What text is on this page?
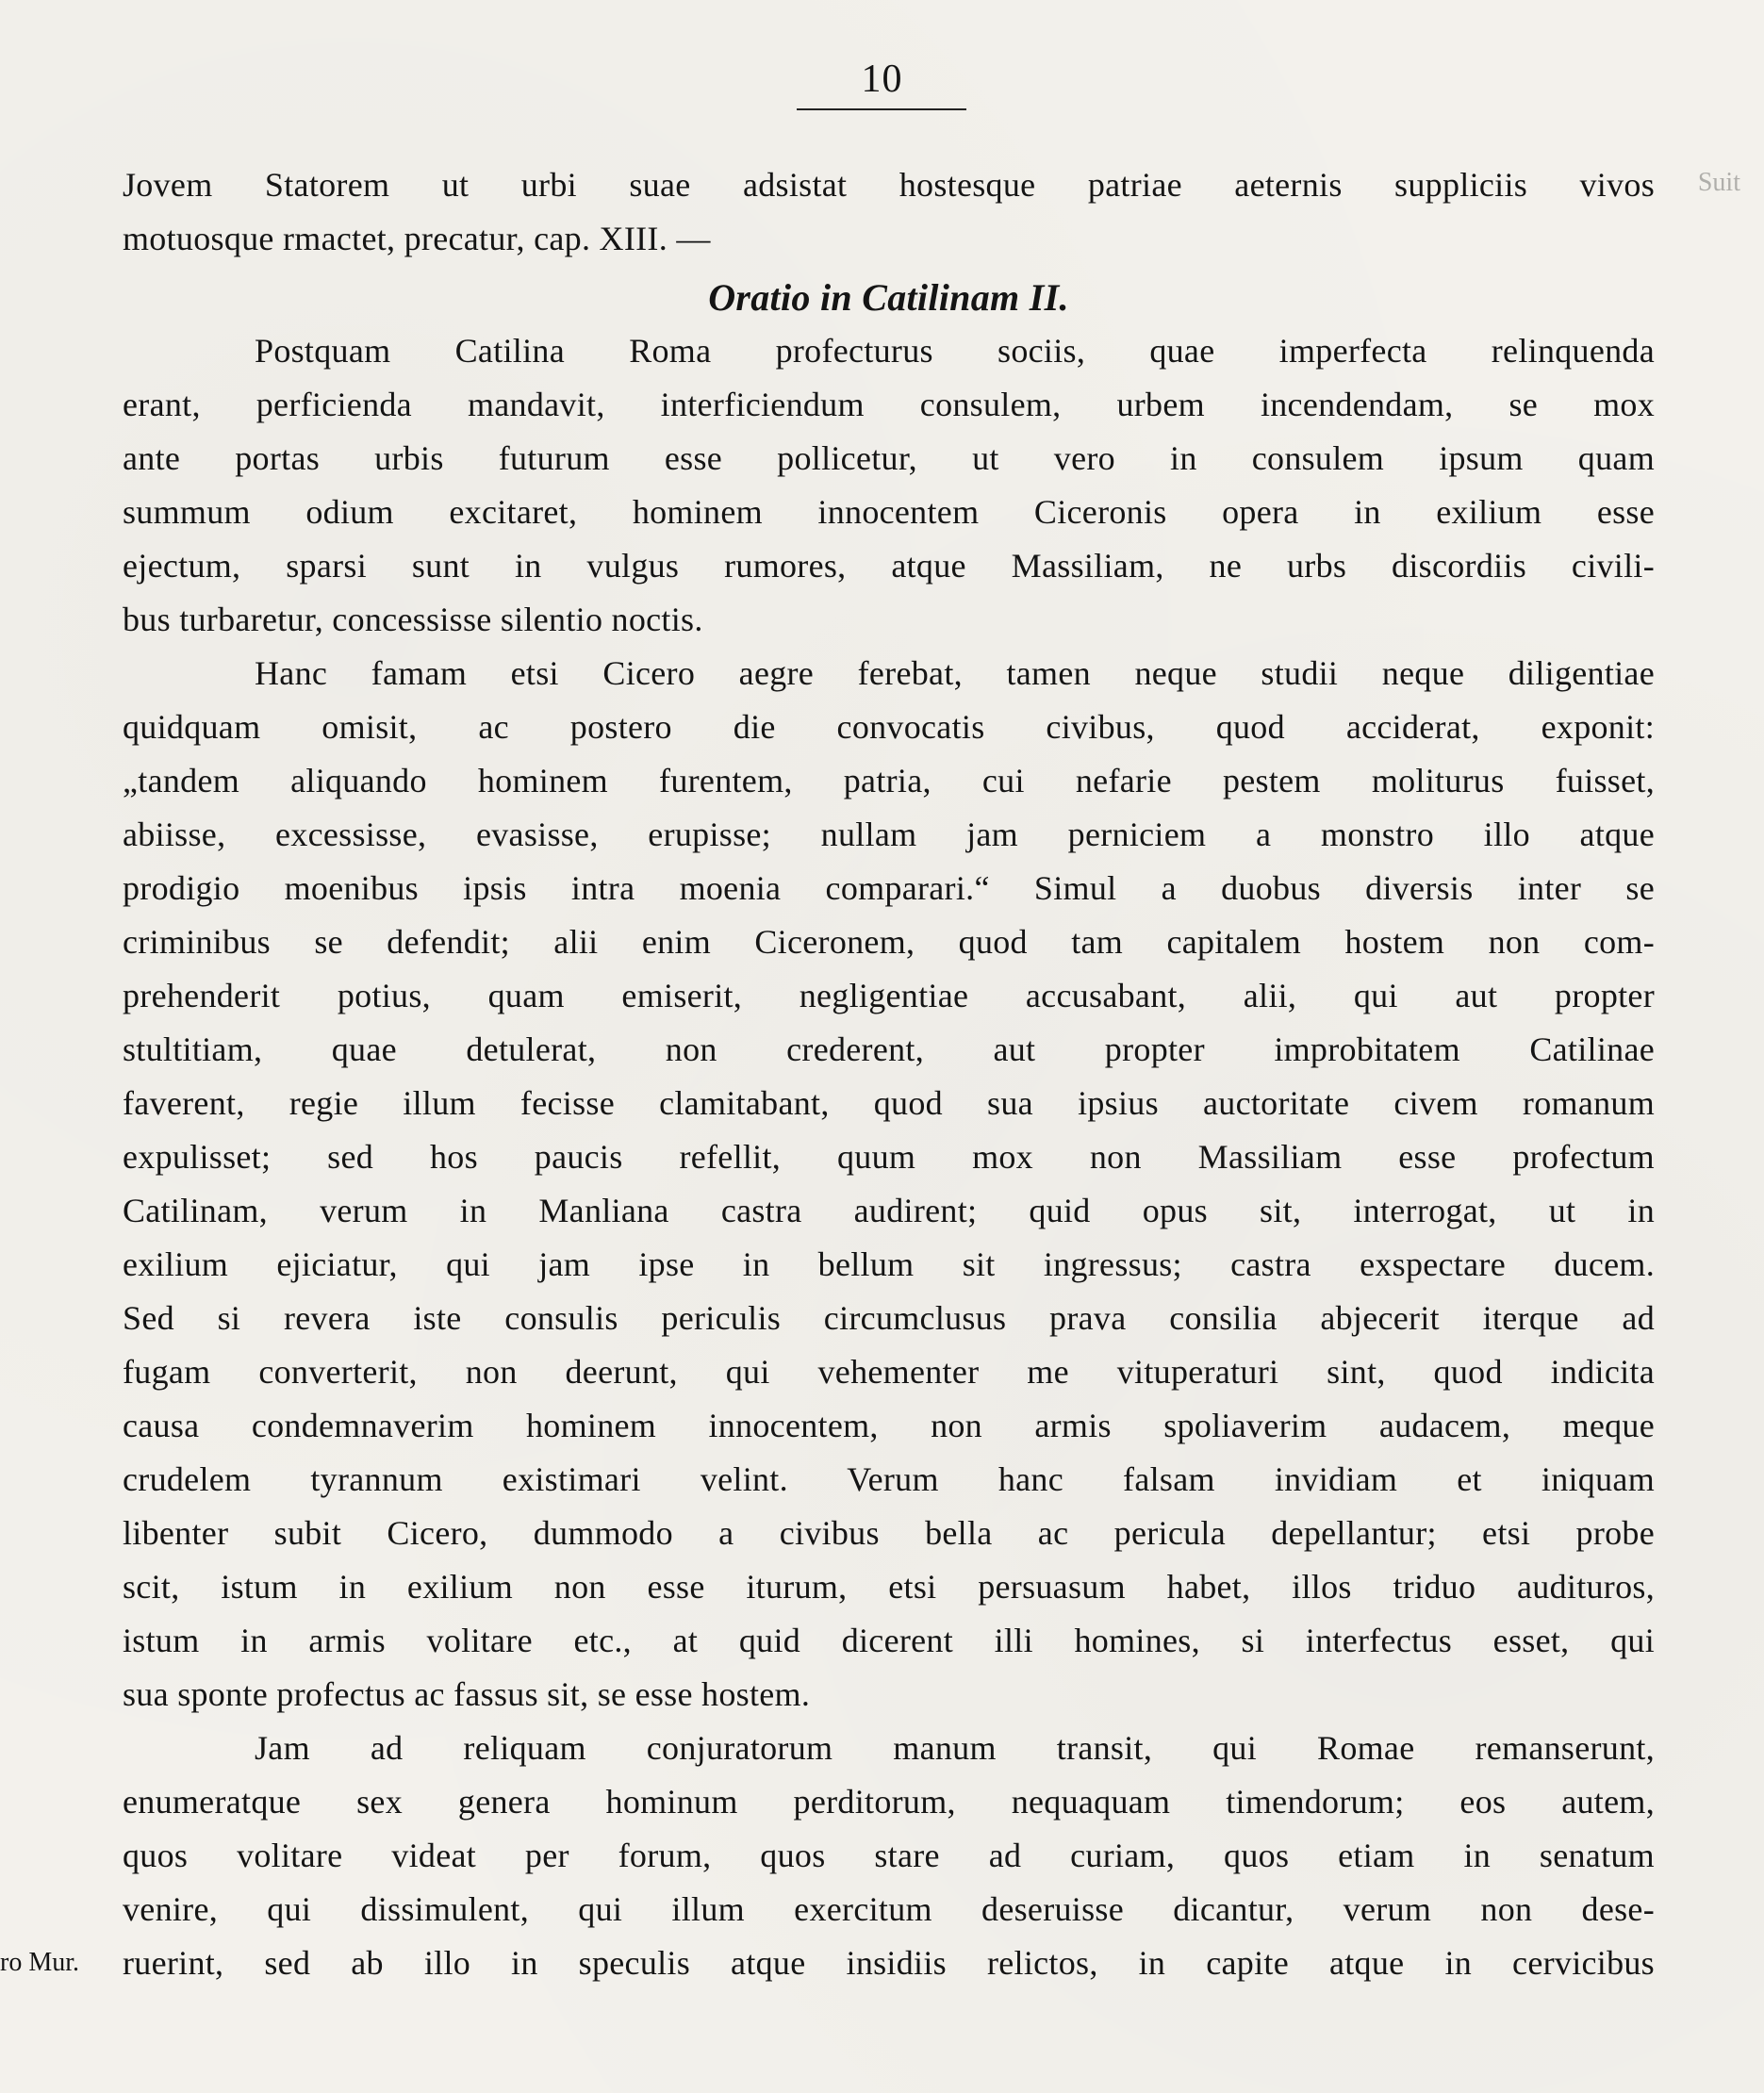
10
Suit
Jovem Statorem ut urbi suae adsistat hostesque patriae aeternis suppliciis vivos
motuosque rmactet, precatur, cap. XIII. —
Oratio in Catilinam II.
Postquam Catilina Roma profecturus sociis, quae imperfecta relinquenda
erant, perficienda mandavit, interficiendum consulem, urbem incendendam, se mox
ante portas urbis futurum esse pollicetur, ut vero in consulem ipsum quam
summum odium excitaret, hominem innocentem Ciceronis opera in exilium esse
ejectum, sparsi sunt in vulgus rumores, atque Massiliam, ne urbs discordiis civili-
bus turbaretur, concessisse silentio noctis.
Hanc famam etsi Cicero aegre ferebat, tamen neque studii neque diligentiae
quidquam omisit, ac postero die convocatis civibus, quod acciderat, exponit:
„tandem aliquando hominem furentem, patria, cui nefarie pestem moliturus fuisset,
abiisse, excessisse, evasisse, erupisse; nullam jam perniciem a monstro illo atque
prodigio moenibus ipsis intra moenia comparari.“ Simul a duobus diversis inter se
criminibus se defendit; alii enim Ciceronem, quod tam capitalem hostem non com-
prehenderit potius, quam emiserit, negligentiae accusabant, alii, qui aut propter
stultitiam, quae detulerat, non crederent, aut propter improbitatem Catilinae
faverent, regie illum fecisse clamitabant, quod sua ipsius auctoritate civem romanum
expulisset; sed hos paucis refellit, quum mox non Massiliam esse profectum
Catilinam, verum in Manliana castra audirent; quid opus sit, interrogat, ut in
exilium ejiciatur, qui jam ipse in bellum sit ingressus; castra exspectare ducem.
Sed si revera iste consulis periculis circumclusus prava consilia abjecerit iterque ad
fugam converterit, non deerunt, qui vehementer me vituperaturi sint, quod indicita
causa condemnaverim hominem innocentem, non armis spoliaverim audacem, meque
crudelem tyrannum existimari velint. Verum hanc falsam invidiam et iniquam
libenter subit Cicero, dummodo a civibus bella ac pericula depellantur; etsi probe
scit, istum in exilium non esse iturum, etsi persuasum habet, illos triduo audituros,
istum in armis volitare etc., at quid dicerent illi homines, si interfectus esset, qui
sua sponte profectus ac fassus sit, se esse hostem.
Jam ad reliquam conjuratorum manum transit, qui Romae remanserunt,
enumeratque sex genera hominum perditorum, nequaquam timendorum; eos autem,
quos volitare videat per forum, quos stare ad curiam, quos etiam in senatum
venire, qui dissimulent, qui illum exercitum deseruisse dicantur, verum non dese-
ruerint, sed ab illo in speculis atque insidiis relictos, in capite atque in cervicibus
ro Mur.
